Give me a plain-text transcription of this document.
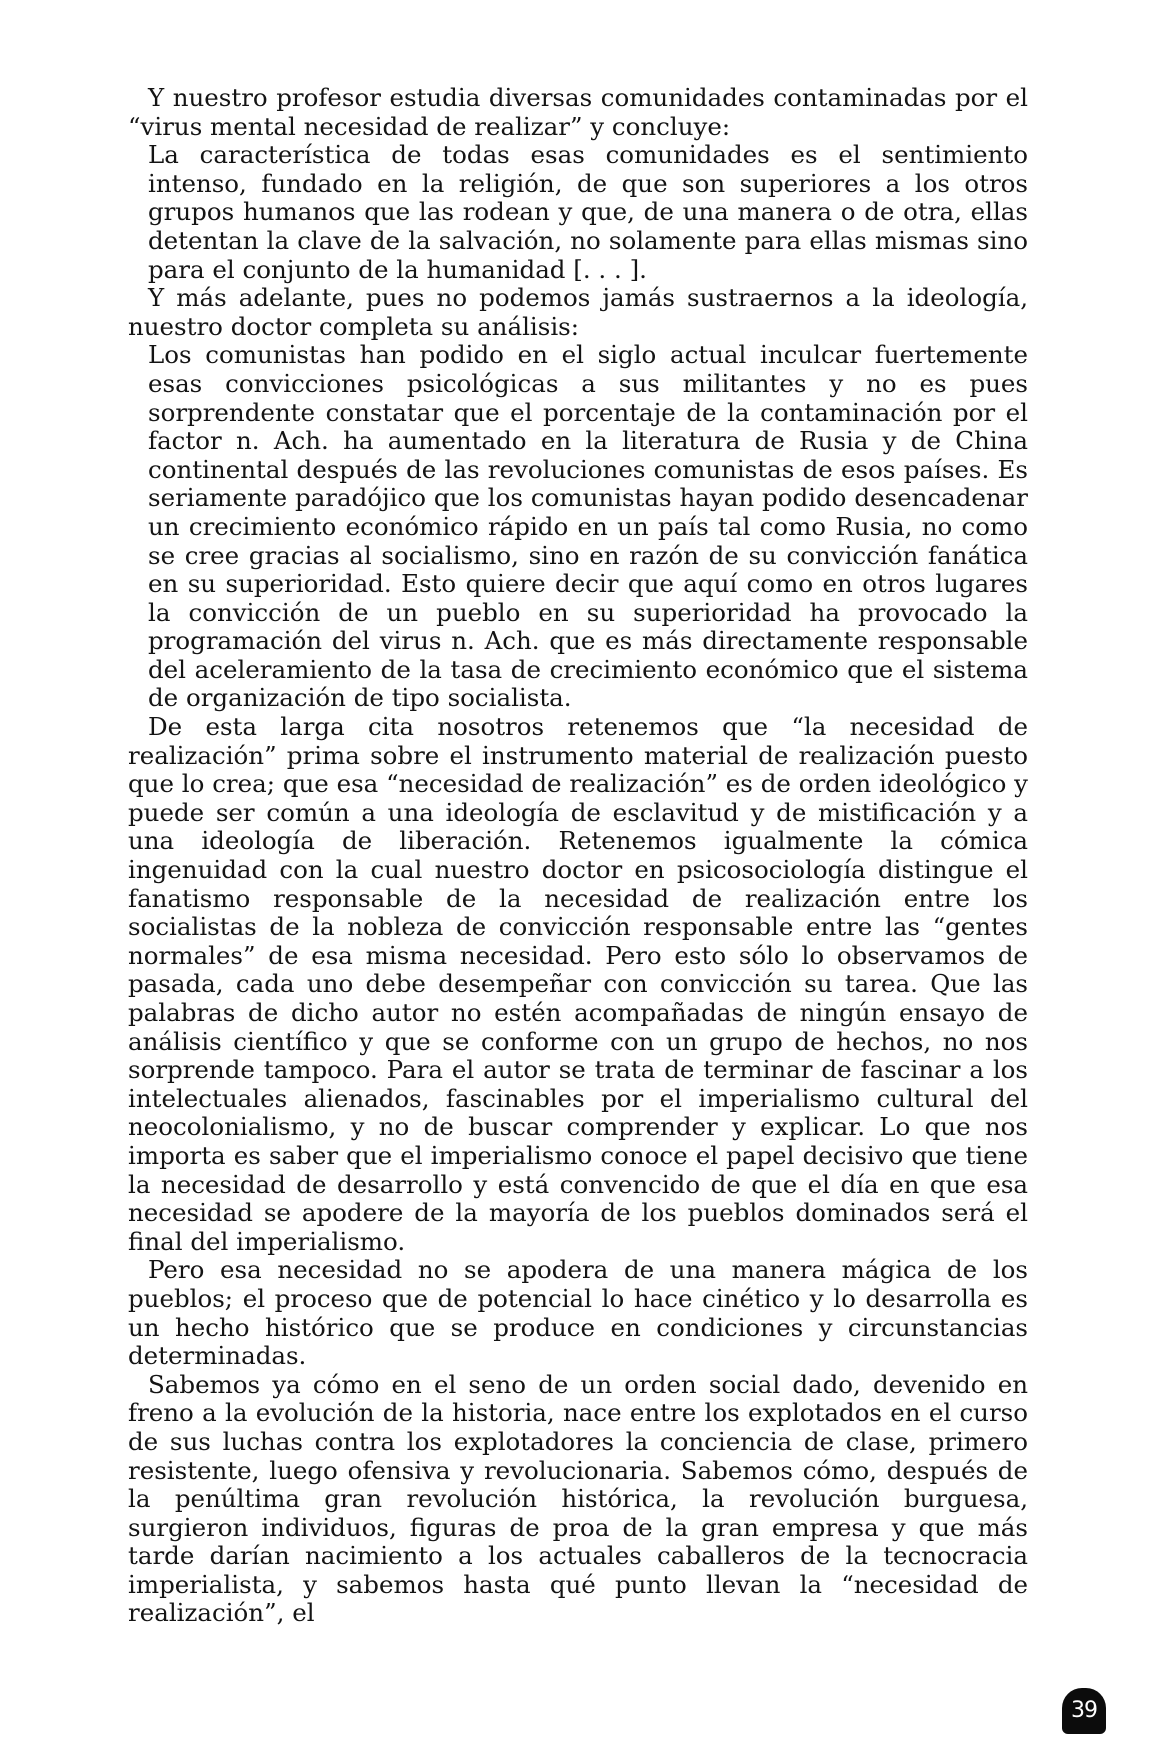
Y nuestro profesor estudia diversas comunidades contaminadas por el “virus mental necesidad de realizar” y concluye:

La característica de todas esas comunidades es el sentimiento intenso, fundado en la religión, de que son superiores a los otros grupos humanos que las rodean y que, de una manera o de otra, ellas detentan la clave de la salvación, no solamente para ellas mismas sino para el conjunto de la humanidad [. . . ].

Y más adelante, pues no podemos jamás sustraernos a la ideología, nuestro doctor completa su análisis:

Los comunistas han podido en el siglo actual inculcar fuertemente esas convicciones psicológicas a sus militantes y no es pues sorprendente constatar que el porcentaje de la contaminación por el factor n. Ach. ha aumentado en la literatura de Rusia y de China continental después de las revoluciones comunistas de esos países. Es seriamente paradójico que los comunistas hayan podido desencadenar un crecimiento económico rápido en un país tal como Rusia, no como se cree gracias al socialismo, sino en razón de su convicción fanática en su superioridad. Esto quiere decir que aquí como en otros lugares la convicción de un pueblo en su superioridad ha provocado la programación del virus n. Ach. que es más directamente responsable del aceleramiento de la tasa de crecimiento económico que el sistema de organización de tipo socialista.

De esta larga cita nosotros retenemos que “la necesidad de realización” prima sobre el instrumento material de realización puesto que lo crea; que esa “necesidad de realización” es de orden ideológico y puede ser común a una ideología de esclavitud y de mistificación y a una ideología de liberación. Retenemos igualmente la cómica ingenuidad con la cual nuestro doctor en psicosociología distingue el fanatismo responsable de la necesidad de realización entre los socialistas de la nobleza de convicción responsable entre las “gentes normales” de esa misma necesidad. Pero esto sólo lo observamos de pasada, cada uno debe desempeñar con convicción su tarea. Que las palabras de dicho autor no estén acompañadas de ningún ensayo de análisis científico y que se conforme con un grupo de hechos, no nos sorprende tampoco. Para el autor se trata de terminar de fascinar a los intelectuales alienados, fascinables por el imperialismo cultural del neocolonialismo, y no de buscar comprender y explicar. Lo que nos importa es saber que el imperialismo conoce el papel decisivo que tiene la necesidad de desarrollo y está convencido de que el día en que esa necesidad se apodere de la mayoría de los pueblos dominados será el final del imperialismo.

Pero esa necesidad no se apodera de una manera mágica de los pueblos; el proceso que de potencial lo hace cinético y lo desarrolla es un hecho histórico que se produce en condiciones y circunstancias determinadas.

Sabemos ya cómo en el seno de un orden social dado, devenido en freno a la evolución de la historia, nace entre los explotados en el curso de sus luchas contra los explotadores la conciencia de clase, primero resistente, luego ofensiva y revolucionaria. Sabemos cómo, después de la penúltima gran revolución histórica, la revolución burguesa, surgieron individuos, figuras de proa de la gran empresa y que más tarde darían nacimiento a los actuales caballeros de la tecnocracia imperialista, y sabemos hasta qué punto llevan la “necesidad de realización”, el

39
